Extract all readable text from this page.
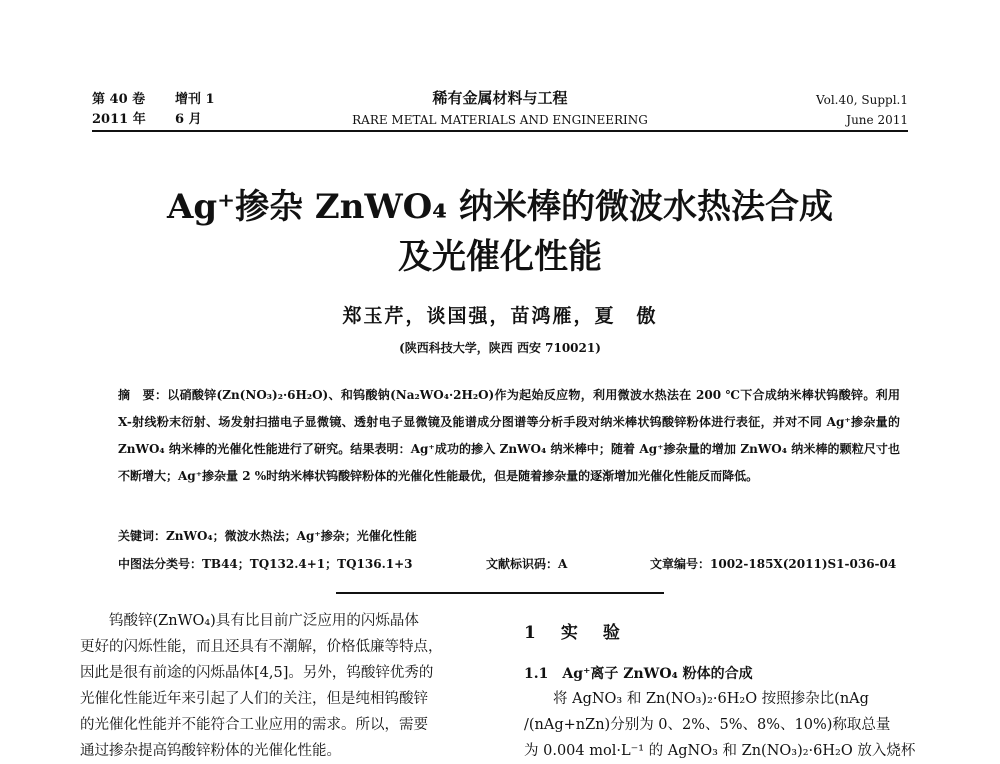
第 40 卷 增刊 1	稀有金属材料与工程	Vol.40, Suppl.1
2011 年 6 月	RARE METAL MATERIALS AND ENGINEERING	June 2011
Ag⁺掺杂 ZnWO₄ 纳米棒的微波水热法合成
及光催化性能
郑玉芹，谈国强，苗鸿雁，夏　傲
(陕西科技大学，陕西 西安 710021)
摘　要：以硝酸锌(Zn(NO₃)₂·6H₂O)、和钨酸钠(Na₂WO₄·2H₂O)作为起始反应物，利用微波水热法在 200 ℃下合成纳米棒状钨酸锌。利用 X-射线粉末衍射、场发射扫描电子显微镜、透射电子显微镜及能谱成分图谱等分析手段对纳米棒状钨酸锌粉体进行表征，并对不同 Ag⁺掺杂量的 ZnWO₄ 纳米棒的光催化性能进行了研究。结果表明：Ag⁺成功的掺入 ZnWO₄ 纳米棒中；随着 Ag⁺掺杂量的增加 ZnWO₄ 纳米棒的颗粒尺寸也不断增大；Ag⁺掺杂量 2 %时纳米棒状钨酸锌粉体的光催化性能最优，但是随着掺杂量的逐渐增加光催化性能反而降低。
关键词：ZnWO₄；微波水热法；Ag⁺掺杂；光催化性能
中图法分类号：TB44；TQ132.4+1；TQ136.1+3	文献标识码：A	文章编号：1002-185X(2011)S1-036-04
　　钨酸锌(ZnWO₄)具有比目前广泛应用的闪烁晶体
更好的闪烁性能，而且还具有不潮解，价格低廉等特点，
因此是很有前途的闪烁晶体[4,5]。另外，钨酸锌优秀的
光催化性能近年来引起了人们的关注，但是纯相钨酸锌
的光催化性能并不能符合工业应用的需求。所以，需要
通过掺杂提高钨酸锌粉体的光催化性能。
1　实　验
1.1　Ag⁺离子 ZnWO₄ 粉体的合成
　　将 AgNO₃ 和 Zn(NO₃)₂·6H₂O 按照掺杂比(nAg
/(nAg+nZn)分别为 0、2%、5%、8%、10%)称取总量
为 0.004 mol·L⁻¹ 的 AgNO₃ 和 Zn(NO₃)₂·6H₂O 放入烧杯
